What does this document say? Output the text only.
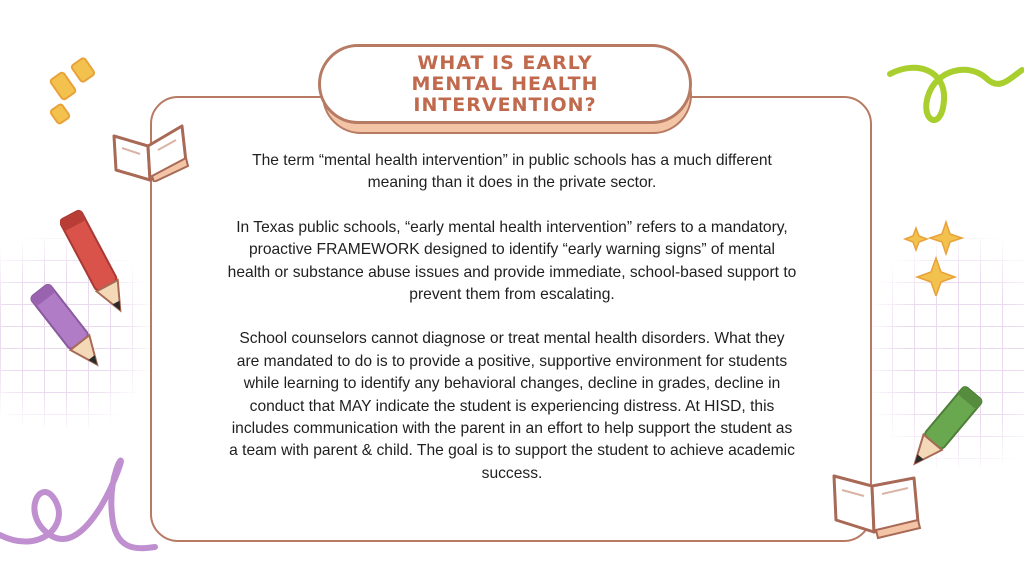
WHAT IS EARLY MENTAL HEALTH INTERVENTION?

The term “mental health intervention” in public schools has a much different meaning than it does in the private sector.

In Texas public schools, “early mental health intervention” refers to a mandatory, proactive FRAMEWORK designed to identify “early warning signs” of mental health or substance abuse issues and provide immediate, school-based support to prevent them from escalating.

School counselors cannot diagnose or treat mental health disorders. What they are mandated to do is to provide a positive, supportive environment for students while learning to identify any behavioral changes, decline in grades, decline in conduct that MAY indicate the student is experiencing distress. At HISD, this includes communication with the parent in an effort to help support the student as a team with parent & child. The goal is to support the student to achieve academic success.
